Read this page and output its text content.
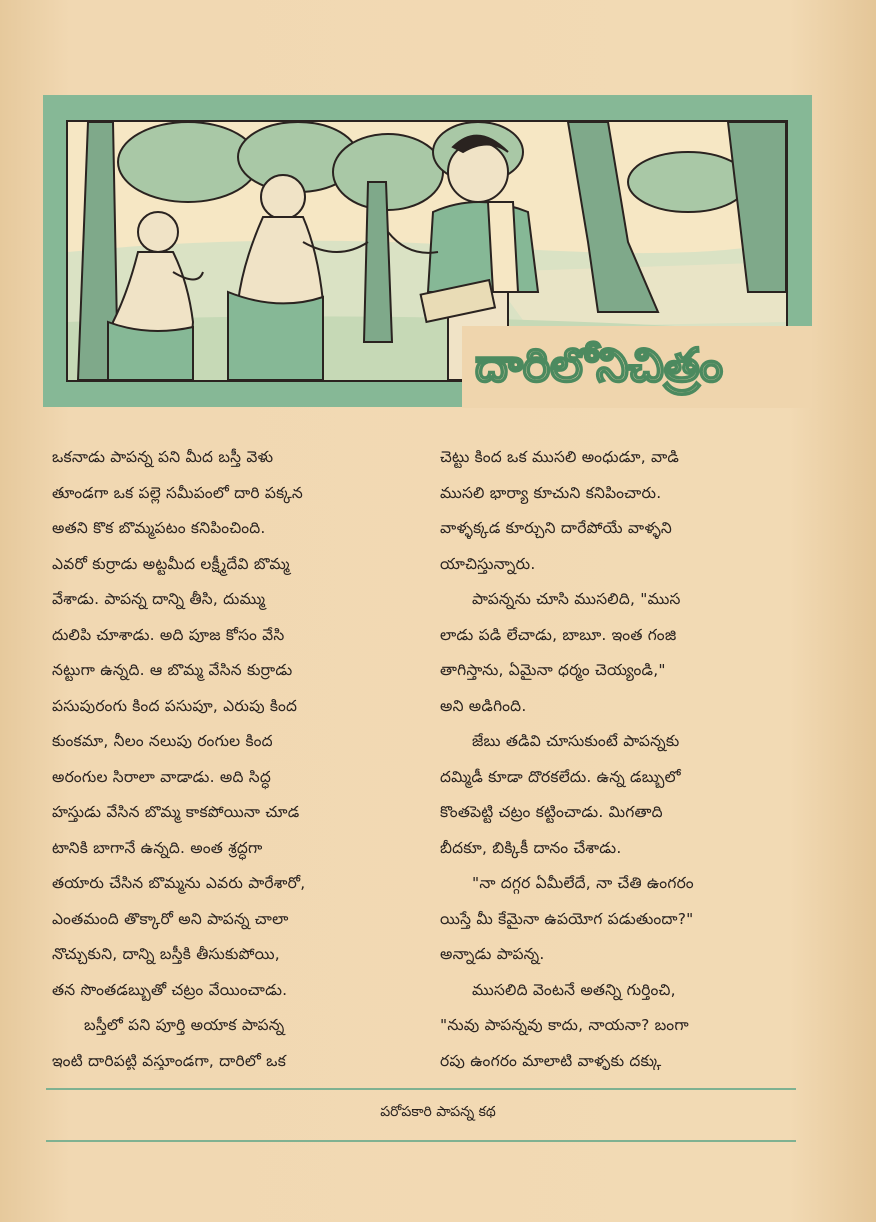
దారిలోనిచిత్రం
ఒకనాడు పాపన్న పని మీద బస్తీ వెళు
తూండగా ఒక పల్లె సమీపంలో దారి పక్కన
అతని కొక బొమ్మపటం కనిపించింది.
ఎవరో కుర్రాడు అట్టమీద లక్ష్మీదేవి బొమ్మ
వేశాడు. పాపన్న దాన్ని తీసి, దుమ్ము
దులిపి చూశాడు. అది పూజ కోసం వేసి
నట్టుగా ఉన్నది. ఆ బొమ్మ వేసిన కుర్రాడు
పసుపురంగు కింద పసుపూ, ఎరుపు కింద
కుంకమా, నీలం నలుపు రంగుల కింద
అరంగుల సిరాలా వాడాడు. అది సిద్ధ
హస్తుడు వేసిన బొమ్మ కాకపోయినా చూడ
టానికి బాగానే ఉన్నది. అంత శ్రద్ధగా
తయారు చేసిన బొమ్మను ఎవరు పారేశారో,
ఎంతమంది తొక్కారో అని పాపన్న చాలా
నొచ్చుకుని, దాన్ని బస్తీకి తీసుకుపోయి,
తన సొంతడబ్బుతో చట్రం వేయించాడు.
బస్తీలో పని పూర్తి అయాక పాపన్న
ఇంటి దారిపట్టి వస్తూండగా, దారిలో ఒక
చెట్టు కింద ఒక ముసలి అంధుడూ, వాడి
ముసలి భార్యా కూచుని కనిపించారు.
వాళ్ళక్కడ కూర్చుని దారేపోయే వాళ్ళని
యాచిస్తున్నారు.
పాపన్నను చూసి ముసలిది, "ముస
లాడు పడి లేచాడు, బాబూ. ఇంత గంజి
తాగిస్తాను, ఏమైనా ధర్మం చెయ్యండి,"
అని అడిగింది.
జేబు తడివి చూసుకుంటే పాపన్నకు
దమ్మిడీ కూడా దొరకలేదు. ఉన్న డబ్బులో
కొంతపెట్టి చట్రం కట్టించాడు. మిగతాది
బీదకూ, బిక్కికీ దానం చేశాడు.
"నా దగ్గర ఏమీలేదే, నా చేతి ఉంగరం
యిస్తే మీ కేమైనా ఉపయోగ పడుతుందా?"
అన్నాడు పాపన్న.
ముసలిది వెంటనే అతన్ని గుర్తించి,
"నువు పాపన్నవు కాదు, నాయనా? బంగా
రపు ఉంగరం మాలాటి వాళ్ళకు దక్కు
పరోపకారి పాపన్న కథ
